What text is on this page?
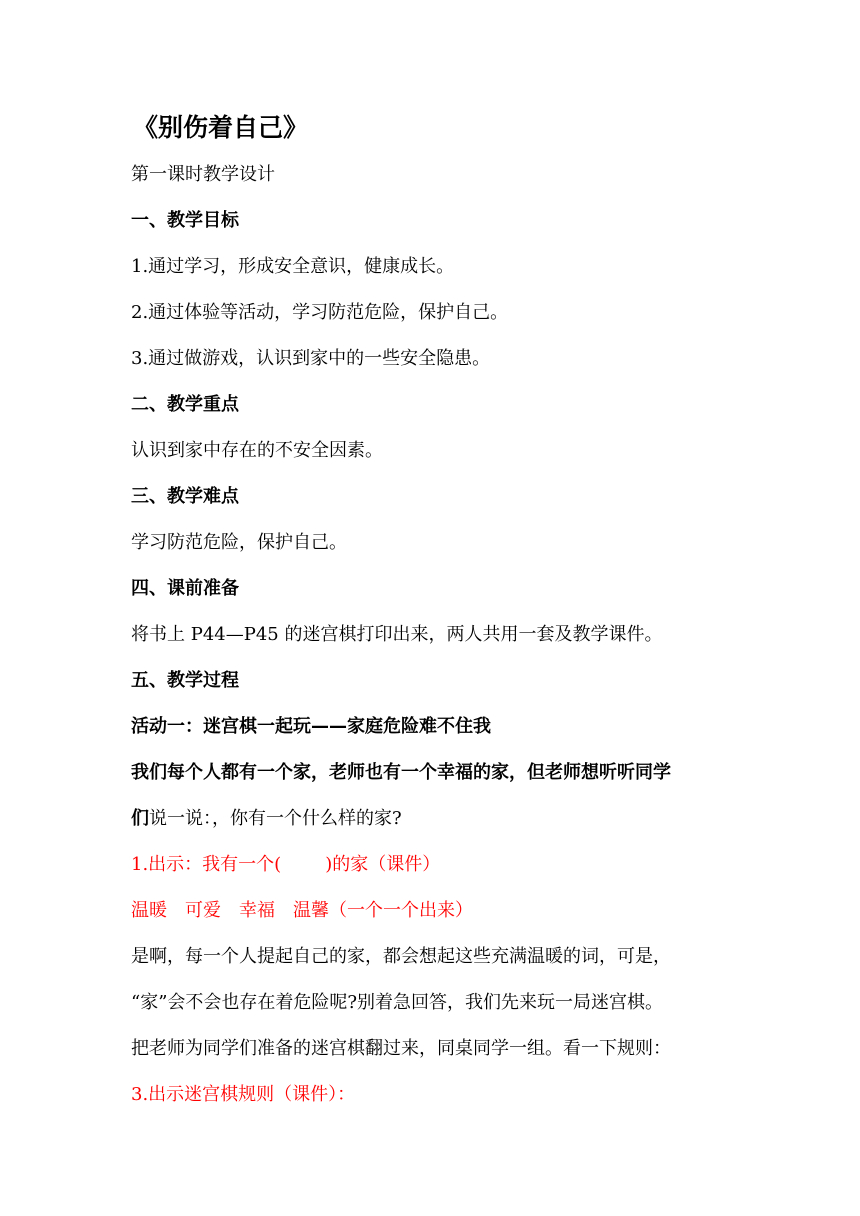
《别伤着自己》

第一课时教学设计

一、教学目标

1.通过学习，形成安全意识，健康成长。

2.通过体验等活动，学习防范危险，保护自己。

3.通过做游戏，认识到家中的一些安全隐患。

二、教学重点

认识到家中存在的不安全因素。

三、教学难点

学习防范危险，保护自己。

四、课前准备

将书上 P44—P45 的迷宫棋打印出来，两人共用一套及教学课件。

五、教学过程

活动一：迷宫棋一起玩——家庭危险难不住我

我们每个人都有一个家，老师也有一个幸福的家，但老师想听听同学

们说一说：，你有一个什么样的家?

1.出示：我有一个( )的家（课件）

温暖　可爱　幸福　温馨（一个一个出来）

是啊，每一个人提起自己的家，都会想起这些充满温暖的词，可是，

“家”会不会也存在着危险呢?别着急回答，我们先来玩一局迷宫棋。

把老师为同学们准备的迷宫棋翻过来，同桌同学一组。看一下规则：

3.出示迷宫棋规则（课件）：
